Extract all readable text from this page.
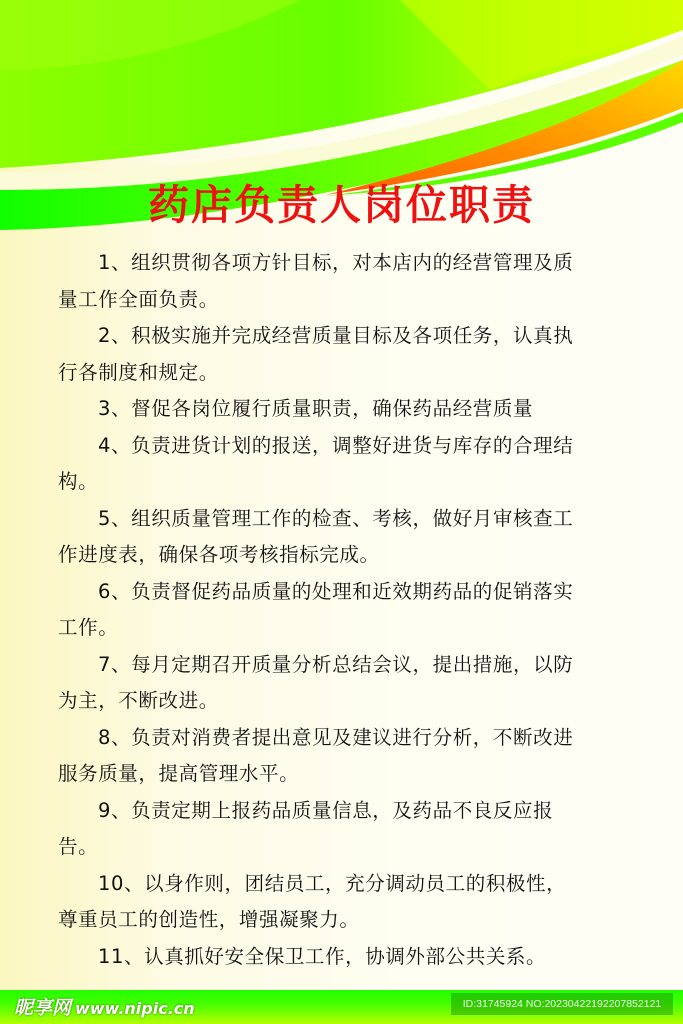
药店负责人岗位职责
1、组织贯彻各项方针目标，对本店内的经营管理及质
量工作全面负责。
2、积极实施并完成经营质量目标及各项任务，认真执
行各制度和规定。
3、督促各岗位履行质量职责，确保药品经营质量
4、负责进货计划的报送，调整好进货与库存的合理结
构。
5、组织质量管理工作的检查、考核，做好月审核查工
作进度表，确保各项考核指标完成。
6、负责督促药品质量的处理和近效期药品的促销落实
工作。
7、每月定期召开质量分析总结会议，提出措施，以防
为主，不断改进。
8、负责对消费者提出意见及建议进行分析，不断改进
服务质量，提高管理水平。
9、负责定期上报药品质量信息，及药品不良反应报
告。
10、以身作则，团结员工，充分调动员工的积极性，
尊重员工的创造性，增强凝聚力。
11、认真抓好安全保卫工作，协调外部公共关系。
昵享网 www.nipic.cn	ID:31745924 NO:20230422192207852121
